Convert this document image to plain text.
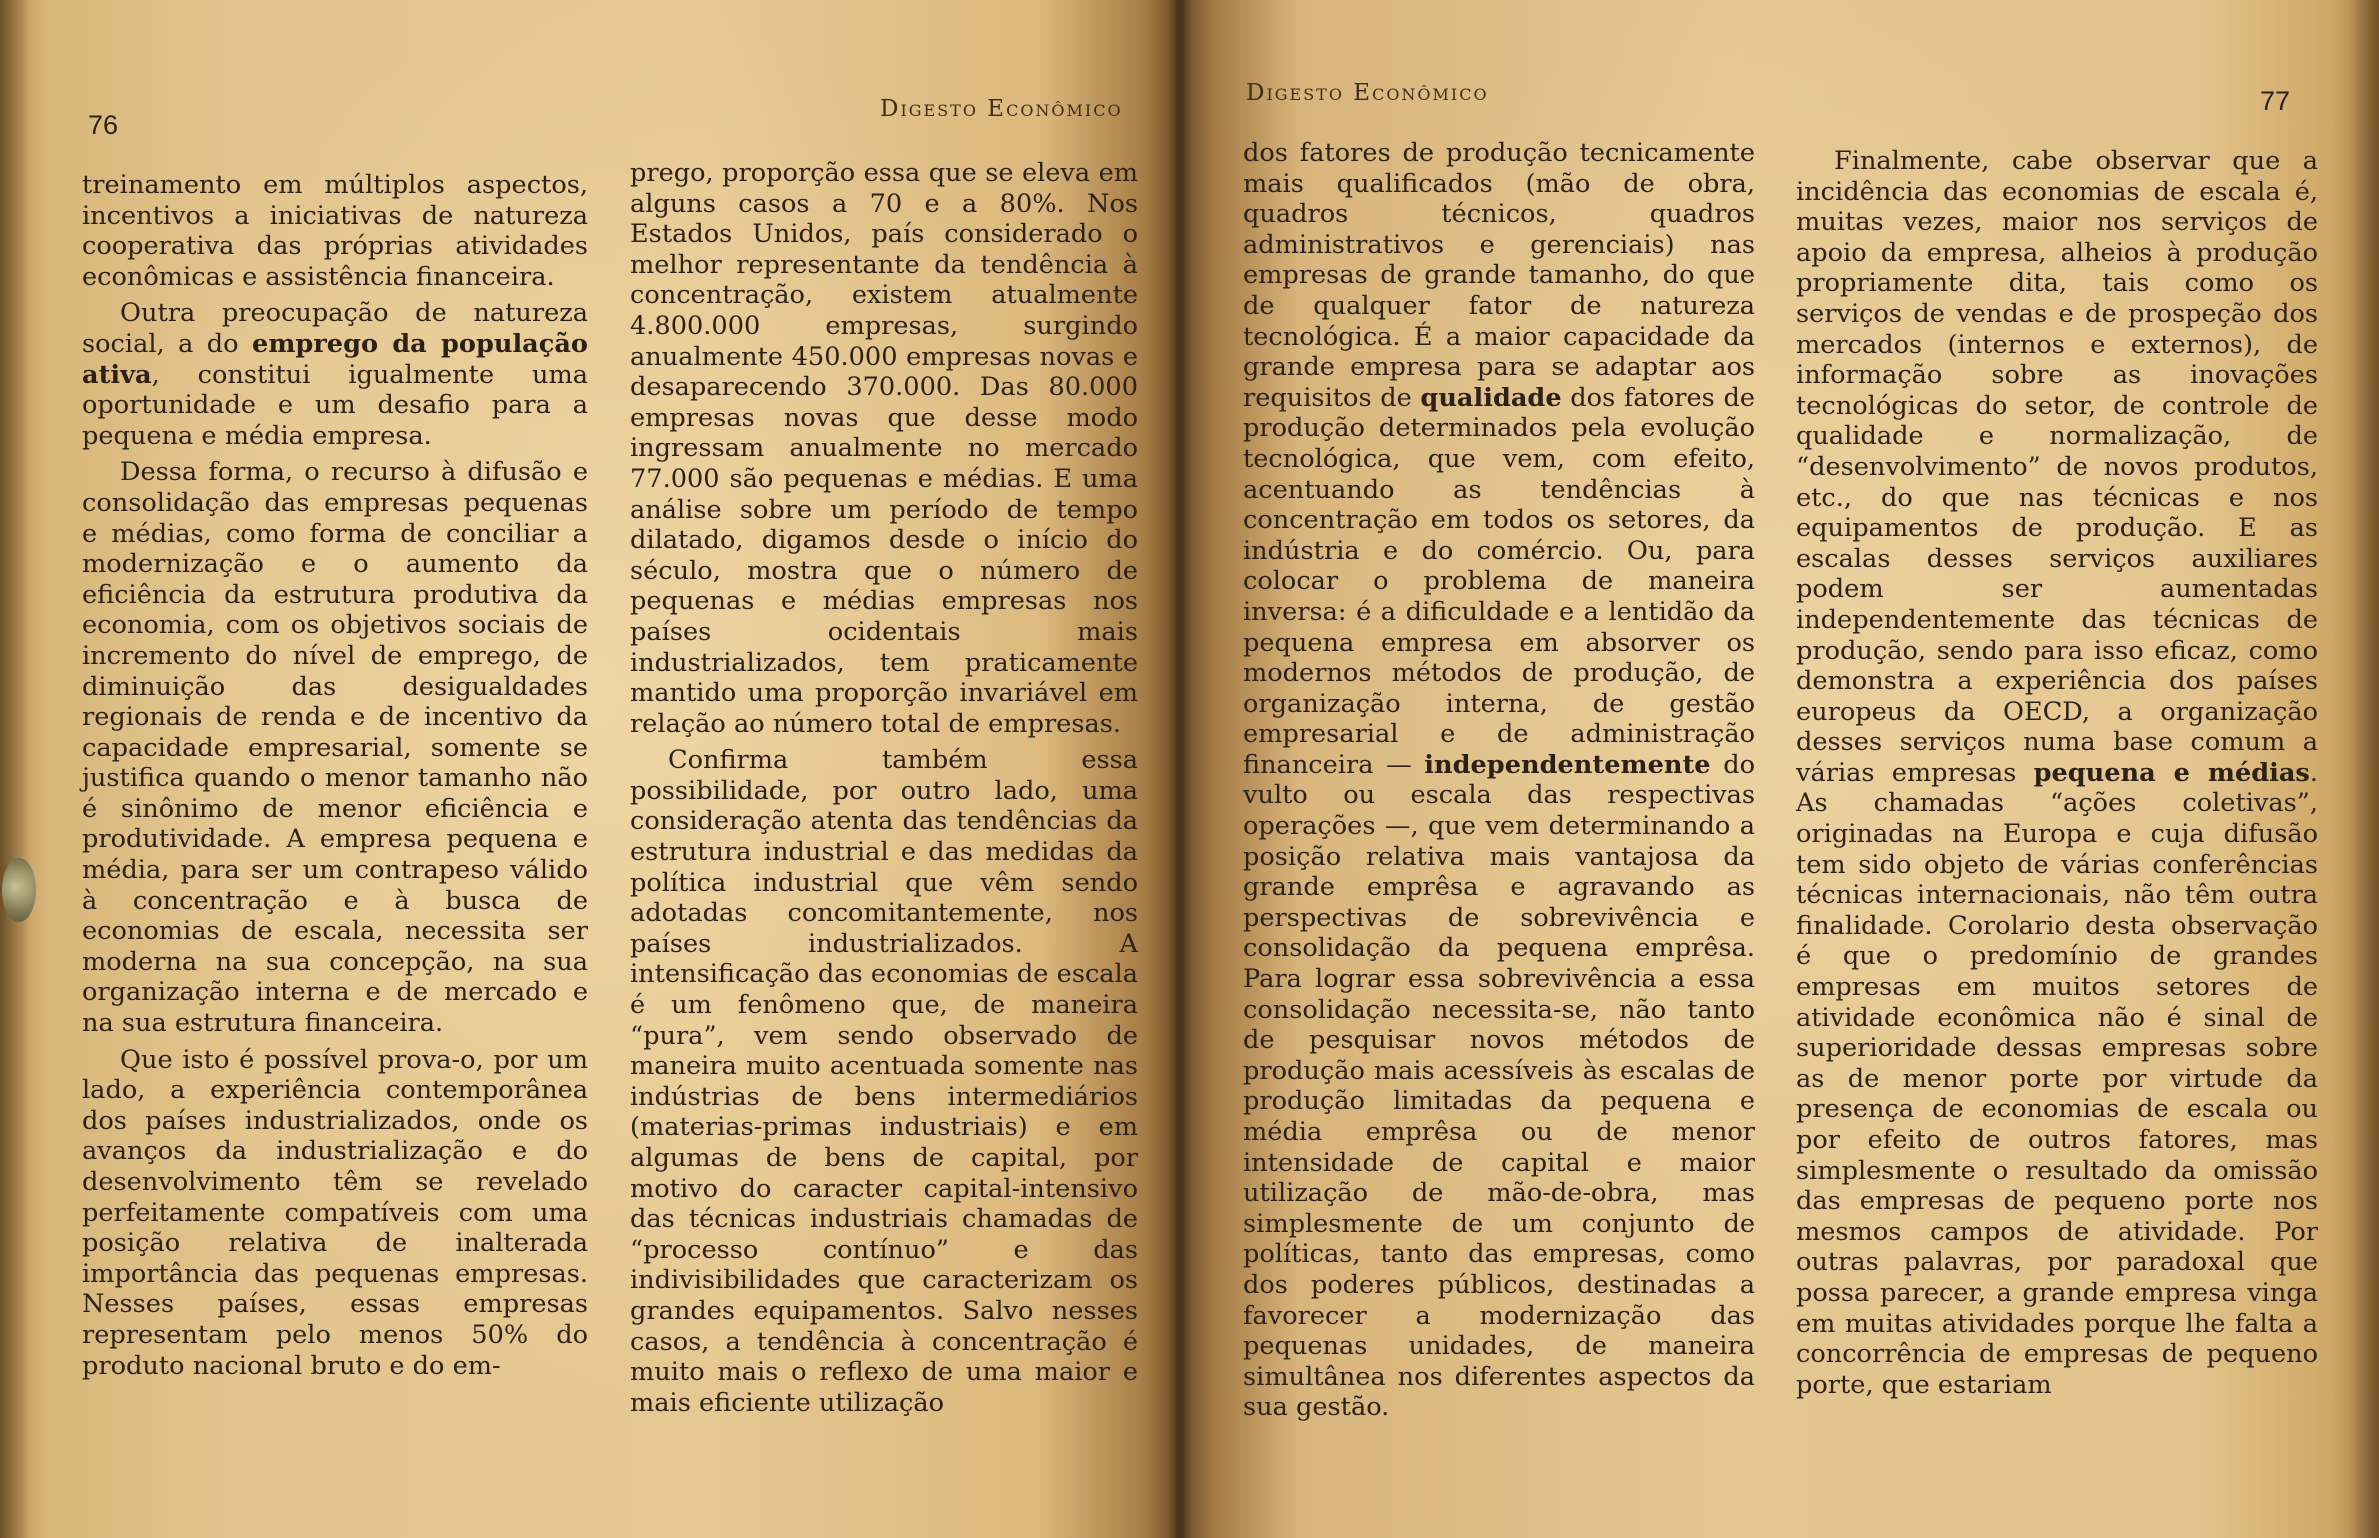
76
Digesto Econômico

treinamento em múltiplos aspectos, incentivos a iniciativas de natureza cooperativa das próprias atividades econômicas e assistência financeira.

Outra preocupação de natureza social, a do emprego da população ativa, constitui igualmente uma oportunidade e um desafio para a pequena e média empresa.

Dessa forma, o recurso à difusão e consolidação das empresas pequenas e médias, como forma de conciliar a modernização e o aumento da eficiência da estrutura produtiva da economia, com os objetivos sociais de incremento do nível de emprego, de diminuição das desigualdades regionais de renda e de incentivo da capacidade empresarial, somente se justifica quando o menor tamanho não é sinônimo de menor eficiência e produtividade. A empresa pequena e média, para ser um contrapeso válido à concentração e à busca de economias de escala, necessita ser moderna na sua concepção, na sua organização interna e de mercado e na sua estrutura financeira.

Que isto é possível prova-o, por um lado, a experiência contemporânea dos países industrializados, onde os avanços da industrialização e do desenvolvimento têm se revelado perfeitamente compatíveis com uma posição relativa de inalterada importância das pequenas empresas. Nesses países, essas empresas representam pelo menos 50% do produto nacional bruto e do em-

prego, proporção essa que se eleva em alguns casos a 70 e a 80%. Nos Estados Unidos, país considerado o melhor representante da tendência à concentração, existem atualmente 4.800.000 empresas, surgindo anualmente 450.000 empresas novas e desaparecendo 370.000. Das 80.000 empresas novas que desse modo ingressam anualmente no mercado 77.000 são pequenas e médias. E uma análise sobre um período de tempo dilatado, digamos desde o início do século, mostra que o número de pequenas e médias empresas nos países ocidentais mais industrializados, tem praticamente mantido uma proporção invariável em relação ao número total de empresas.

Confirma também essa possibilidade, por outro lado, uma consideração atenta das tendências da estrutura industrial e das medidas da política industrial que vêm sendo adotadas concomitantemente, nos países industrializados. A intensificação das economias de escala é um fenômeno que, de maneira “pura”, vem sendo observado de maneira muito acentuada somente nas indústrias de bens intermediários (materias-primas industriais) e em algumas de bens de capital, por motivo do caracter capital-intensivo das técnicas industriais chamadas de “processo contínuo” e das indivisibilidades que caracterizam os grandes equipamentos. Salvo nesses casos, a tendência à concentração é muito mais o reflexo de uma maior e mais eficiente utilização

Digesto Econômico	77

dos fatores de produção tecnicamente mais qualificados (mão de obra, quadros técnicos, quadros administrativos e gerenciais) nas empresas de grande tamanho, do que de qualquer fator de natureza tecnológica. É a maior capacidade da grande empresa para se adaptar aos requisitos de qualidade dos fatores de produção determinados pela evolução tecnológica, que vem, com efeito, acentuando as tendências à concentração em todos os setores, da indústria e do comércio. Ou, para colocar o problema de maneira inversa: é a dificuldade e a lentidão da pequena empresa em absorver os modernos métodos de produção, de organização interna, de gestão empresarial e de administração financeira — independentemente do vulto ou escala das respectivas operações —, que vem determinando a posição relativa mais vantajosa da grande emprêsa e agravando as perspectivas de sobrevivência e consolidação da pequena emprêsa. Para lograr essa sobrevivência a essa consolidação necessita-se, não tanto de pesquisar novos métodos de produção mais acessíveis às escalas de produção limitadas da pequena e média emprêsa ou de menor intensidade de capital e maior utilização de mão-de-obra, mas simplesmente de um conjunto de políticas, tanto das empresas, como dos poderes públicos, destinadas a favorecer a modernização das pequenas unidades, de maneira simultânea nos diferentes aspectos da sua gestão.

Finalmente, cabe observar que a incidência das economias de escala é, muitas vezes, maior nos serviços de apoio da empresa, alheios à produção propriamente dita, tais como os serviços de vendas e de prospeção dos mercados (internos e externos), de informação sobre as inovações tecnológicas do setor, de controle de qualidade e normalização, de “desenvolvimento” de novos produtos, etc., do que nas técnicas e nos equipamentos de produção. E as escalas desses serviços auxiliares podem ser aumentadas independentemente das técnicas de produção, sendo para isso eficaz, como demonstra a experiência dos países europeus da OECD, a organização desses serviços numa base comum a várias empresas pequena e médias. As chamadas “ações coletivas”, originadas na Europa e cuja difusão tem sido objeto de várias conferências técnicas internacionais, não têm outra finalidade. Corolario desta observação é que o predomínio de grandes empresas em muitos setores de atividade econômica não é sinal de superioridade dessas empresas sobre as de menor porte por virtude da presença de economias de escala ou por efeito de outros fatores, mas simplesmente o resultado da omissão das empresas de pequeno porte nos mesmos campos de atividade. Por outras palavras, por paradoxal que possa parecer, a grande empresa vinga em muitas atividades porque lhe falta a concorrência de empresas de pequeno porte, que estariam
